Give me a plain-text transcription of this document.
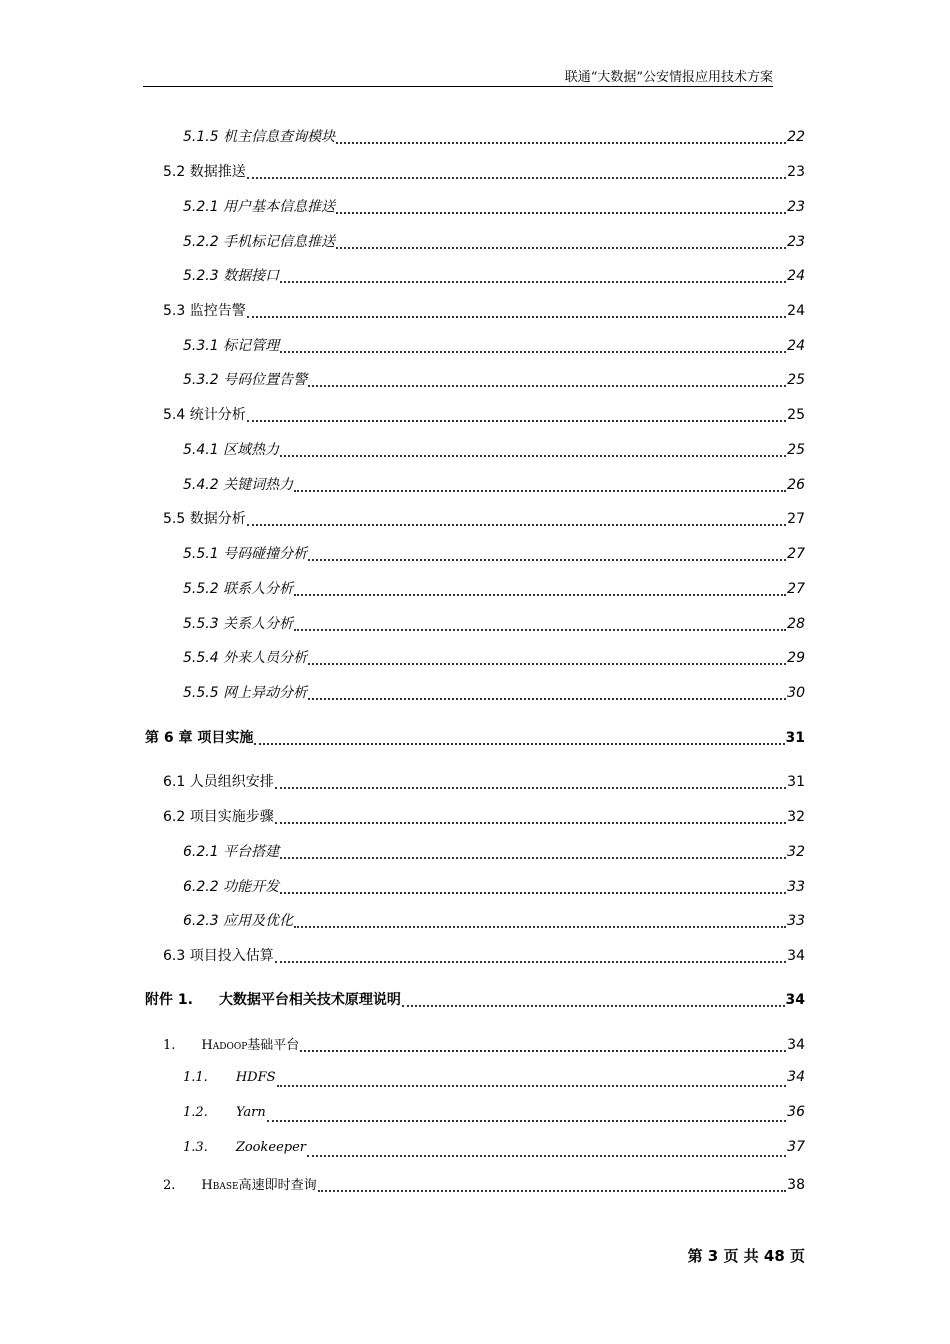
联通“大数据”公安情报应用技术方案
5.1.5 机主信息查询模块	22
5.2 数据推送	23
5.2.1 用户基本信息推送	23
5.2.2 手机标记信息推送	23
5.2.3 数据接口	24
5.3 监控告警	24
5.3.1 标记管理	24
5.3.2 号码位置告警	25
5.4 统计分析	25
5.4.1 区域热力	25
5.4.2 关键词热力	26
5.5 数据分析	27
5.5.1 号码碰撞分析	27
5.5.2 联系人分析	27
5.5.3 关系人分析	28
5.5.4 外来人员分析	29
5.5.5 网上异动分析	30
第 6 章 项目实施	31
6.1 人员组织安排	31
6.2 项目实施步骤	32
6.2.1 平台搭建	32
6.2.2 功能开发	33
6.2.3 应用及优化	33
6.3 项目投入估算	34
附件 1. 大数据平台相关技术原理说明	34
1. Hadoop基础平台	34
1.1. HDFS	34
1.2. Yarn	36
1.3. Zookeeper	37
2. Hbase高速即时查询	38
第 3 页 共 48 页
